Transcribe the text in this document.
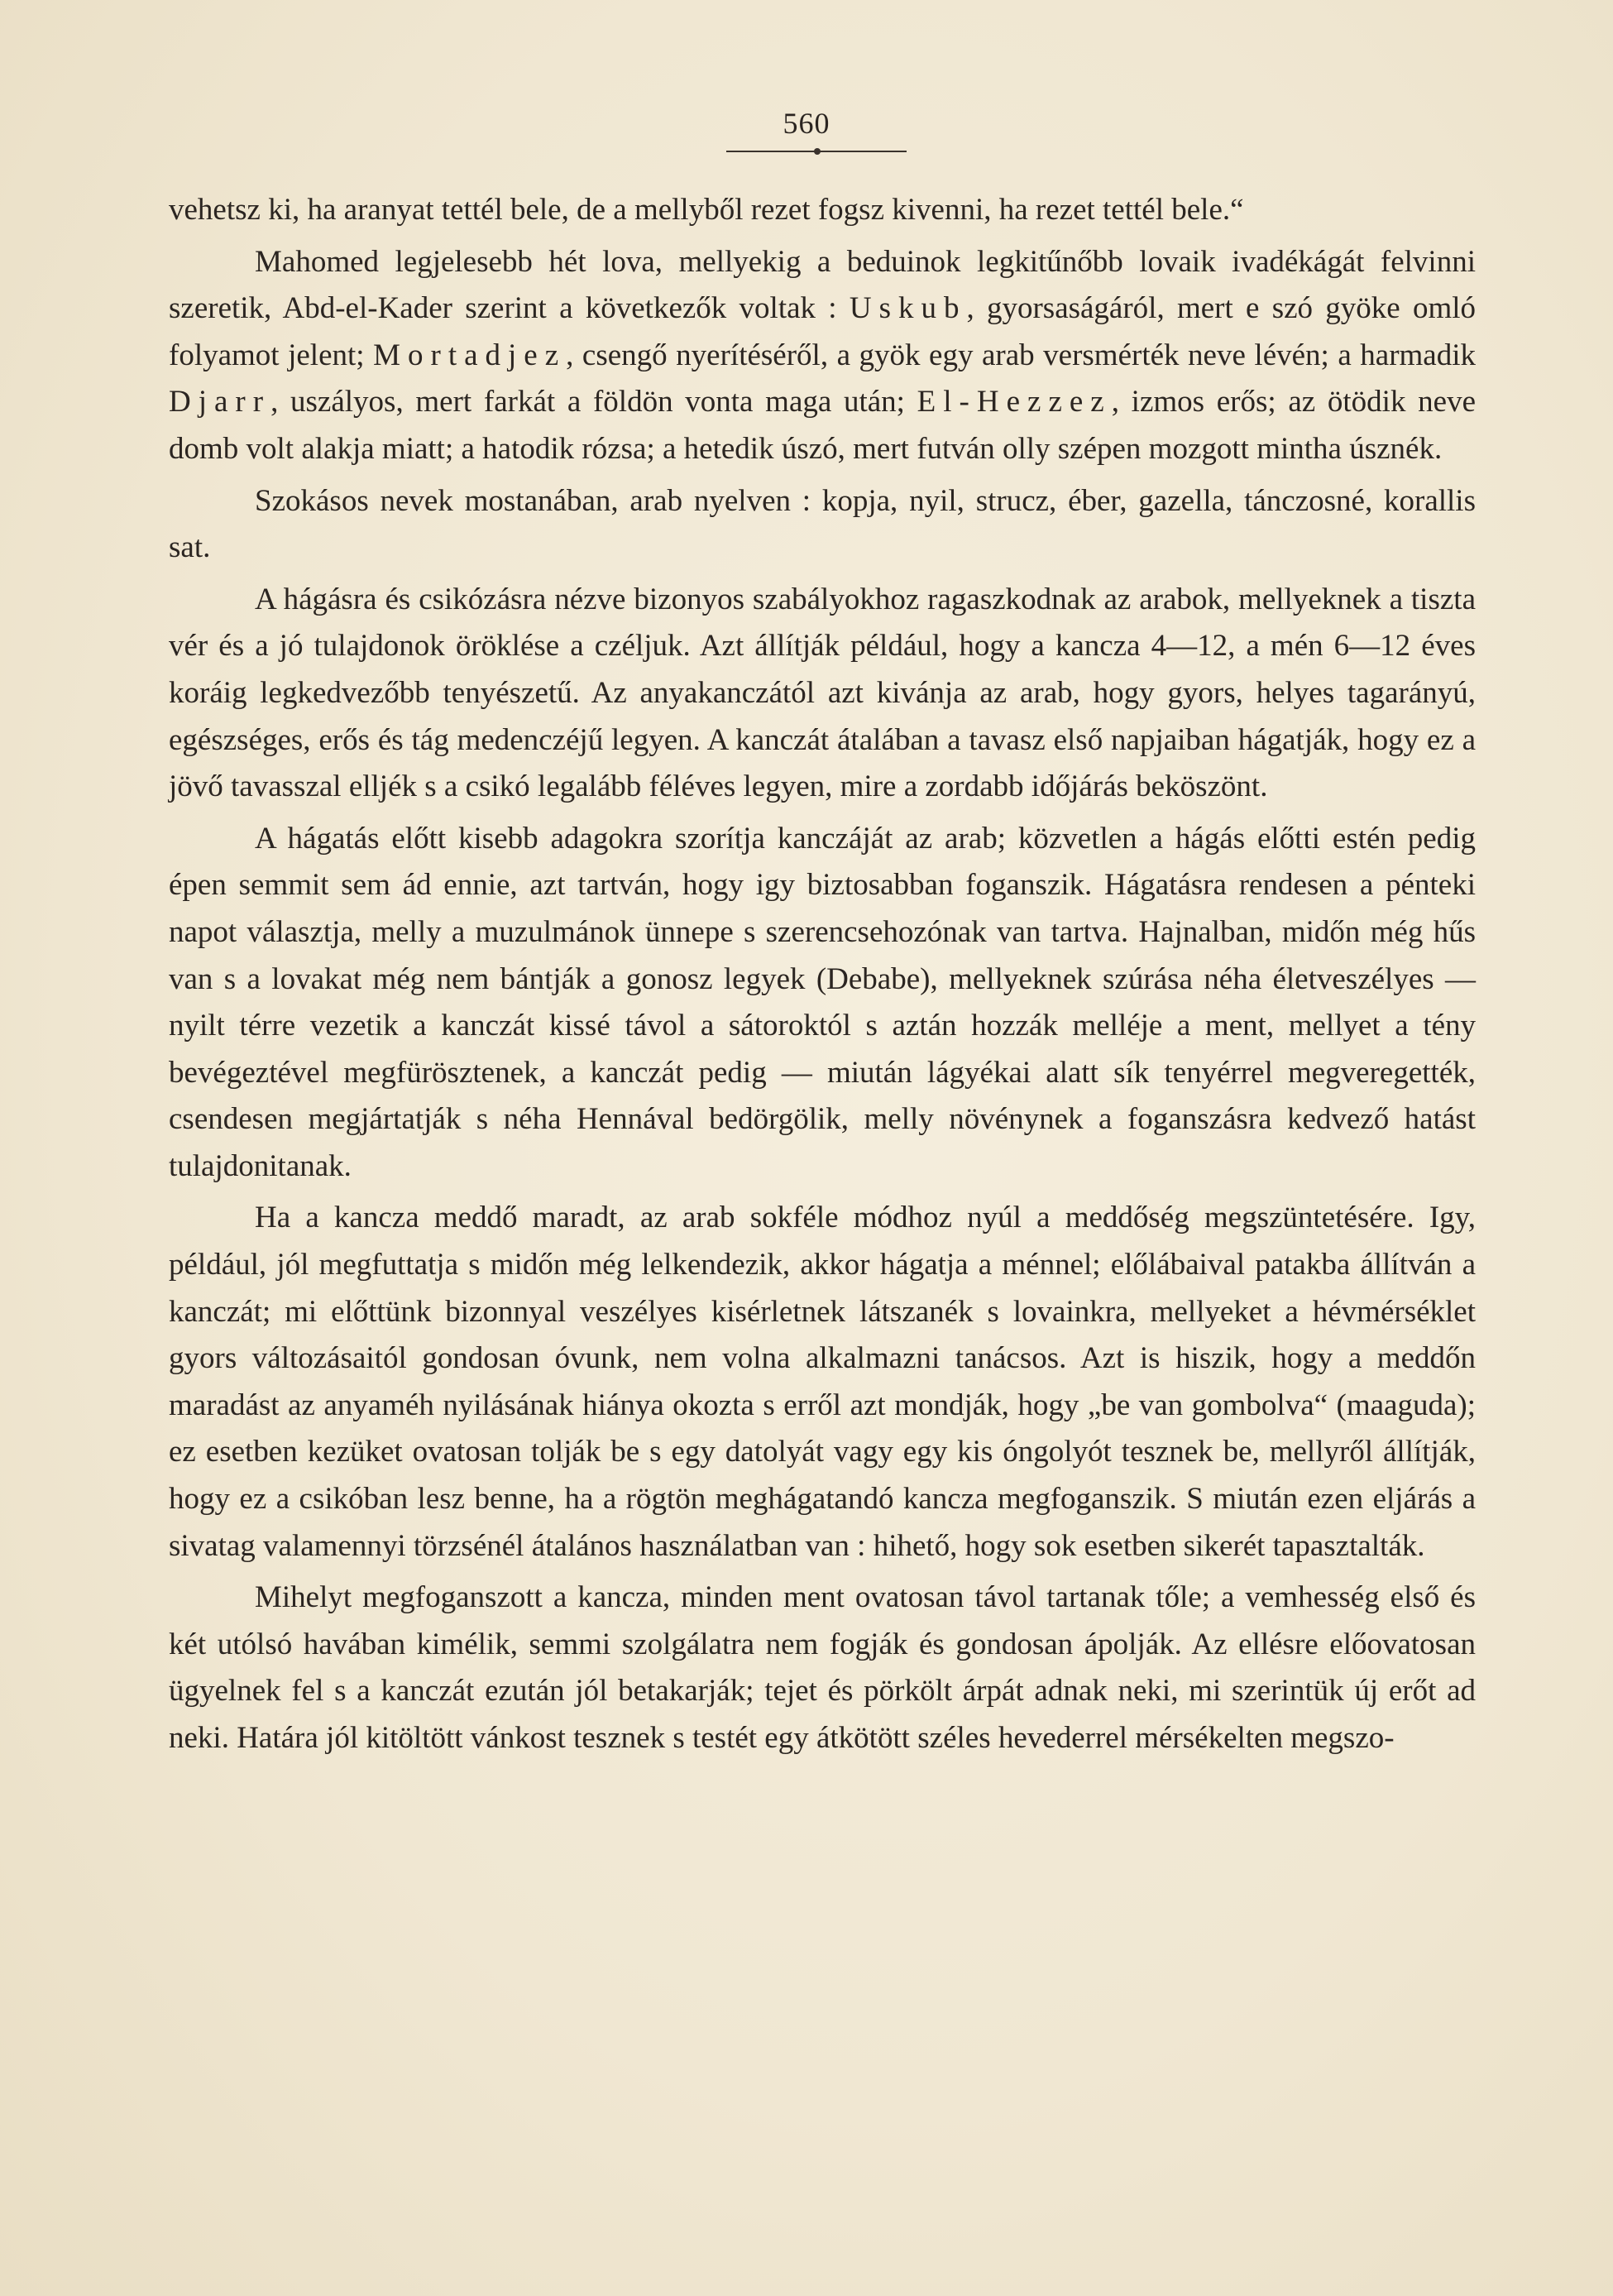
560

vehetsz ki, ha aranyat tettél bele, de a mellyből rezet fogsz kivenni, ha rezet tettél bele.“

Mahomed legjelesebb hét lova, mellyekig a beduinok legkitűnőbb lovaik ivadékágát felvinni szeretik, Abd-el-Kader szerint a következők voltak : Uskub, gyorsaságáról, mert e szó gyöke omló folyamot jelent; Mortadjez, csengő nyerítéséről, a gyök egy arab versmérték neve lévén; a harmadik Djarr, uszályos, mert farkát a földön vonta maga után; El-Hezzez, izmos erős; az ötödik neve domb volt alakja miatt; a hatodik rózsa; a hetedik úszó, mert futván olly szépen mozgott mintha úsznék.

Szokásos nevek mostanában, arab nyelven : kopja, nyil, strucz, éber, gazella, tánczosné, korallis sat.

A hágásra és csikózásra nézve bizonyos szabályokhoz ragaszkodnak az arabok, mellyeknek a tiszta vér és a jó tulajdonok öröklése a czéljuk. Azt állítják például, hogy a kancza 4—12, a mén 6—12 éves koráig legkedvezőbb tenyészetű. Az anyakanczától azt kivánja az arab, hogy gyors, helyes tagarányú, egészséges, erős és tág medenczéjű legyen. A kanczát átalában a tavasz első napjaiban hágatják, hogy ez a jövő tavasszal elljék s a csikó legalább féléves legyen, mire a zordabb időjárás beköszönt.

A hágatás előtt kisebb adagokra szorítja kanczáját az arab; közvetlen a hágás előtti estén pedig épen semmit sem ád ennie, azt tartván, hogy igy biztosabban foganszik. Hágatásra rendesen a pénteki napot választja, melly a muzulmánok ünnepe s szerencsehozónak van tartva. Hajnalban, midőn még hűs van s a lovakat még nem bántják a gonosz legyek (Debabe), mellyeknek szúrása néha életveszélyes — nyilt térre vezetik a kanczát kissé távol a sátoroktól s aztán hozzák melléje a ment, mellyet a tény bevégeztével megfürösztenek, a kanczát pedig — miután lágyékai alatt sík tenyérrel megveregették, csendesen megjártatják s néha Hennával bedörgölik, melly növénynek a foganszásra kedvező hatást tulajdonitanak.

Ha a kancza meddő maradt, az arab sokféle módhoz nyúl a meddőség megszüntetésére. Igy, például, jól megfuttatja s midőn még lelkendezik, akkor hágatja a ménnel; előlábaival patakba állítván a kanczát; mi előttünk bizonnyal veszélyes kisérletnek látszanék s lovainkra, mellyeket a hévmérséklet gyors változásaitól gondosan óvunk, nem volna alkalmazni tanácsos. Azt is hiszik, hogy a meddőn maradást az anyaméh nyilásának hiánya okozta s erről azt mondják, hogy „be van gombolva“ (maaguda); ez esetben kezüket ovatosan tolják be s egy datolyát vagy egy kis óngolyót tesznek be, mellyről állítják, hogy ez a csikóban lesz benne, ha a rögtön meghágatandó kancza megfoganszik. S miután ezen eljárás a sivatag valamennyi törzsénél átalános használatban van : hihető, hogy sok esetben sikerét tapasztalták.

Mihelyt megfoganszott a kancza, minden ment ovatosan távol tartanak tőle; a vemhesség első és két utólsó havában kimélik, semmi szolgálatra nem fogják és gondosan ápolják. Az ellésre előovatosan ügyelnek fel s a kanczát ezután jól betakarják; tejet és pörkölt árpát adnak neki, mi szerintük új erőt ad neki. Határa jól kitöltött vánkost tesznek s testét egy átkötött széles hevederrel mérsékelten megszo-
